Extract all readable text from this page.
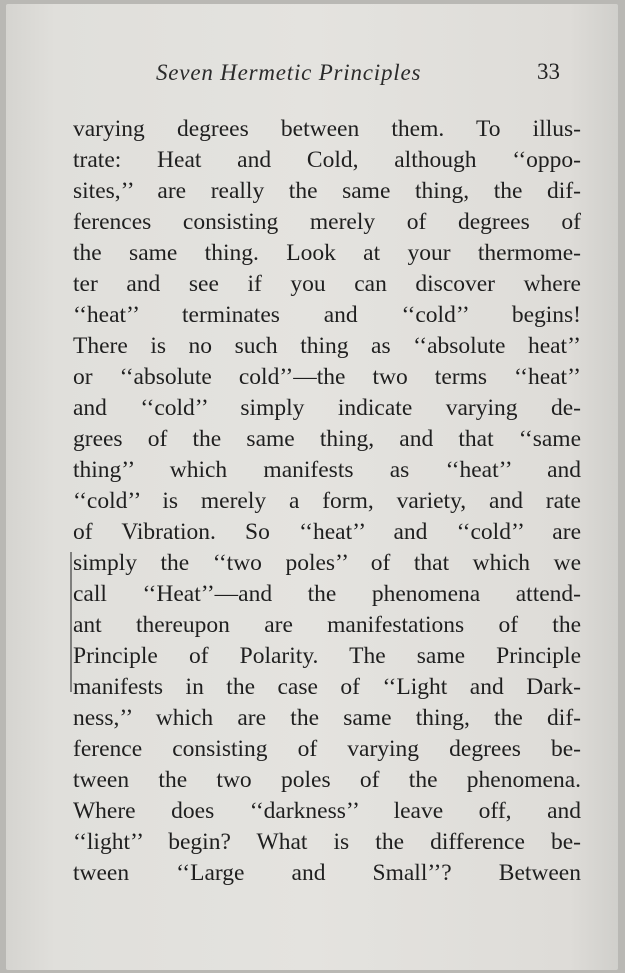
Seven Hermetic Principles	33
varying degrees between them. To illus-
trate: Heat and Cold, although ‘‘oppo-
sites,’’ are really the same thing, the dif-
ferences consisting merely of degrees of
the same thing. Look at your thermome-
ter and see if you can discover where
‘‘heat’’ terminates and ‘‘cold’’ begins!
There is no such thing as ‘‘absolute heat’’
or ‘‘absolute cold’’—the two terms ‘‘heat’’
and ‘‘cold’’ simply indicate varying de-
grees of the same thing, and that ‘‘same
thing’’ which manifests as ‘‘heat’’ and
‘‘cold’’ is merely a form, variety, and rate
of Vibration. So ‘‘heat’’ and ‘‘cold’’ are
simply the ‘‘two poles’’ of that which we
call ‘‘Heat’’—and the phenomena attend-
ant thereupon are manifestations of the
Principle of Polarity. The same Principle
manifests in the case of ‘‘Light and Dark-
ness,’’ which are the same thing, the dif-
ference consisting of varying degrees be-
tween the two poles of the phenomena.
Where does ‘‘darkness’’ leave off, and
‘‘light’’ begin? What is the difference be-
tween ‘‘Large and Small’’? Between
